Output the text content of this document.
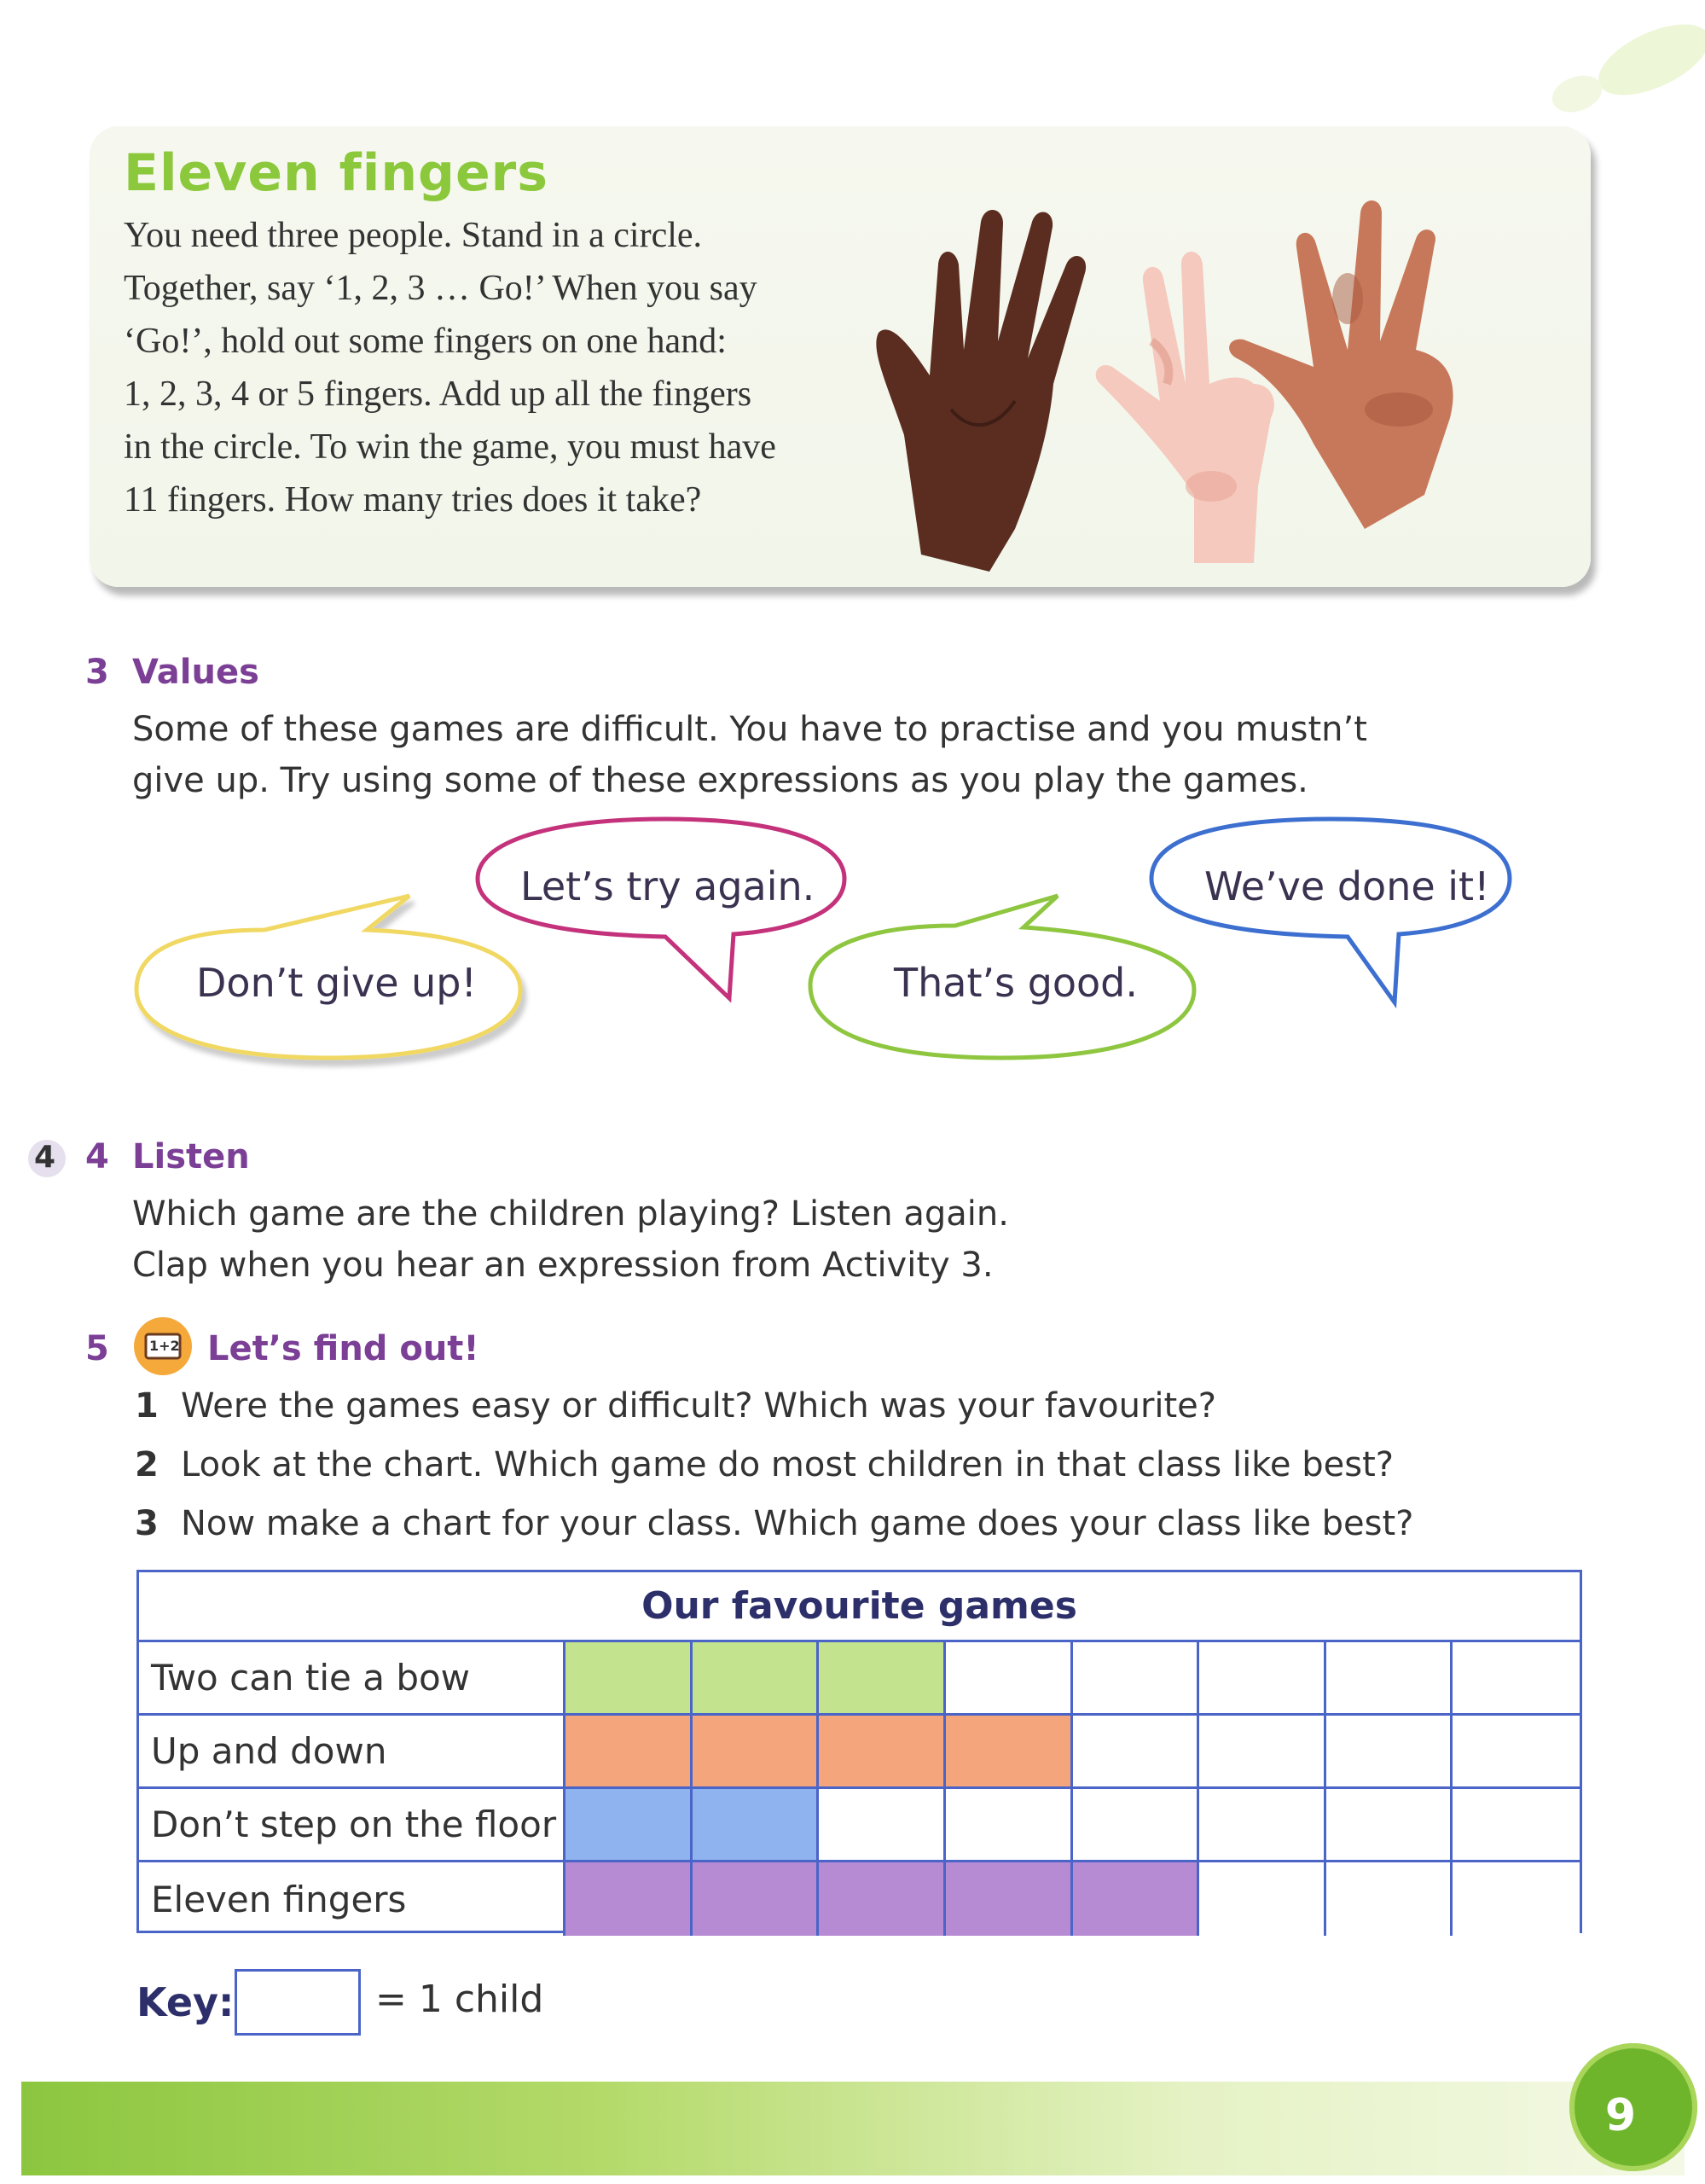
Eleven fingers
You need three people. Stand in a circle.
Together, say ‘1, 2, 3 … Go!’ When you say
‘Go!’, hold out some fingers on one hand:
1, 2, 3, 4 or 5 fingers. Add up all the fingers
in the circle. To win the game, you must have
11 fingers. How many tries does it take?
3 Values
Some of these games are difficult. You have to practise and you mustn’t
give up. Try using some of these expressions as you play the games.
Don’t give up!
Let’s try again.
That’s good.
We’ve done it!
4 4 Listen
Which game are the children playing? Listen again.
Clap when you hear an expression from Activity 3.
5	1+2 Let’s find out!
1 Were the games easy or difficult? Which was your favourite?
2 Look at the chart. Which game do most children in that class like best?
3 Now make a chart for your class. Which game does your class like best?
Our favourite games
Two can tie a bow
Up and down
Don’t step on the floor
Eleven fingers
Key:	= 1 child
9
